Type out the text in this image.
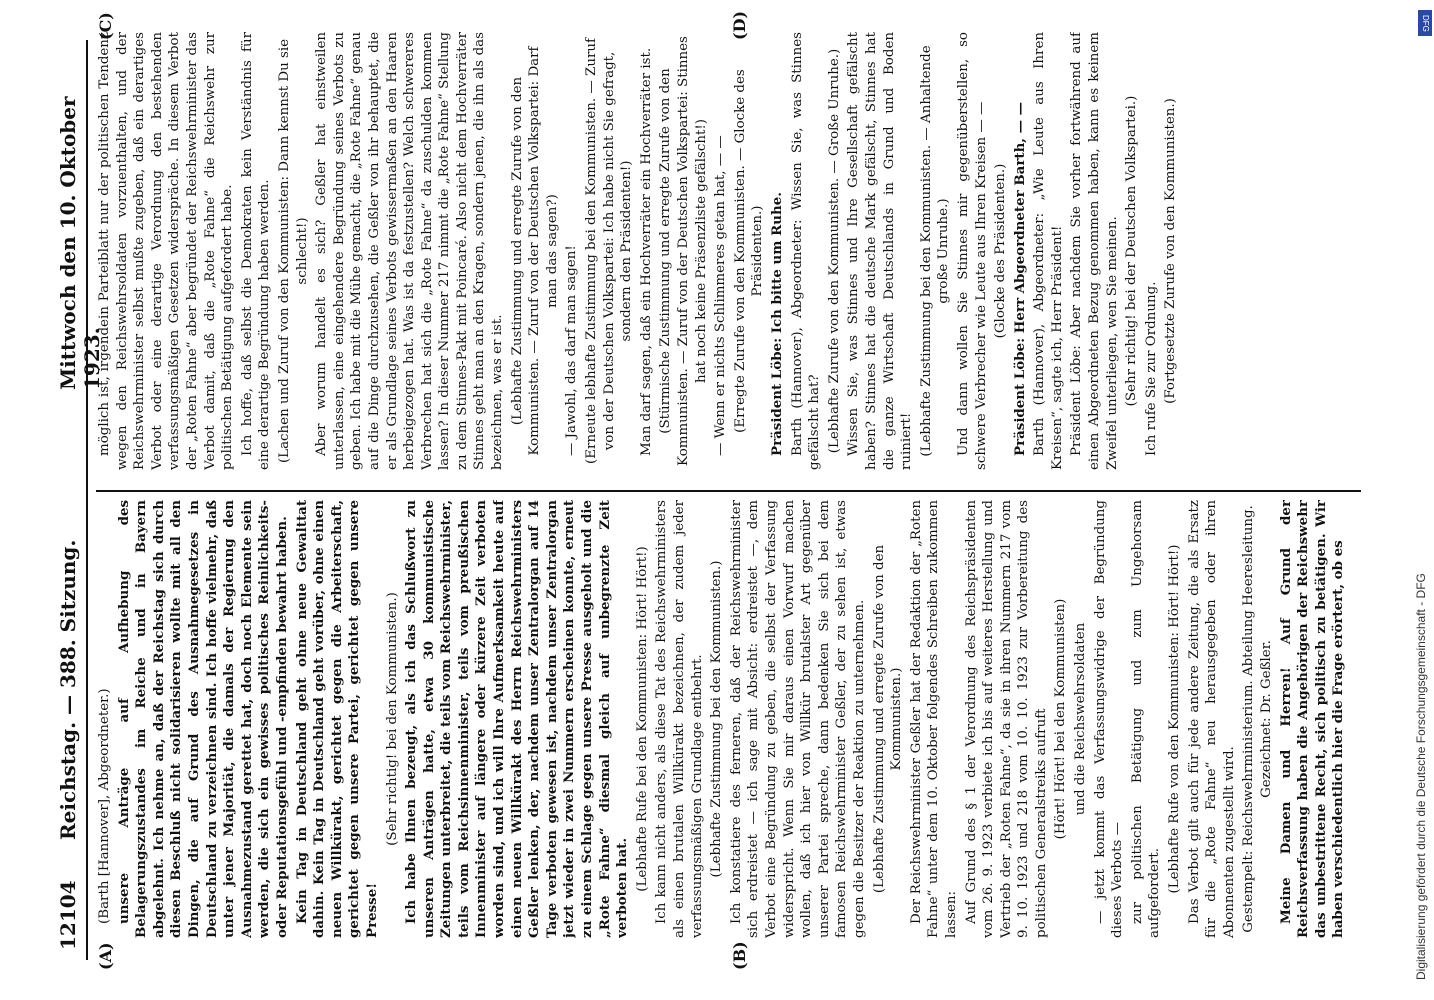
12104
Reichstag. — 388. Sitzung.
Mittwoch den 10. Oktober 1923.
(A)	(B)
(C)	(D)

(Barth [Hannover], Abgeordneter.) unsere Anträge auf Aufhebung des Belagerungszustandes im Reiche und in Bayern abgelehnt. Ich nehme an, daß der Reichstag sich durch diesen Beschluß nicht solidarisieren wollte mit all den Dingen, die auf Grund des Ausnahmegesetzes in Deutschland zu verzeichnen sind. Ich hoffe vielmehr, daß unter jener Majorität, die damals der Regierung den Ausnahmezustand gerettet hat, doch noch Elemente sein werden, die sich ein gewisses politisches Reinlichkeits- oder Reputationsgefühl und -empfinden bewahrt haben. Kein Tag in Deutschland geht ohne neue Gewalttat dahin. Kein Tag in Deutschland geht vorüber, ohne einen neuen Willkürakt, gerichtet gegen die Arbeiterschaft, gerichtet gegen unsere Partei, gerichtet gegen unsere Presse!

(Sehr richtig! bei den Kommunisten.) Ich habe Ihnen bezeugt, als ich das Schlußwort zu unseren Anträgen hatte, etwa 30 kommunistische Zeitungen unterbreitet, die teils vom Reichswehrminister, teils vom Reichsinnenminister, teils vom preußischen Innenminister auf längere oder kürzere Zeit verboten worden sind, und ich will Ihre Aufmerksamkeit heute auf einen neuen Willkürakt des Herrn Reichswehrministers Geßler lenken, der, nachdem unser Zentralorgan auf 14 Tage verboten gewesen ist, nachdem unser Zentralorgan jetzt wieder in zwei Nummern erscheinen konnte, erneut zu einem Schlage gegen unsere Presse ausgeholt und die „Rote Fahne“ diesmal gleich auf unbegrenzte Zeit verboten hat. (Lebhafte Rufe bei den Kommunisten: Hört! Hört!) Ich kann nicht anders, als diese Tat des Reichswehrministers als einen brutalen Willkürakt bezeichnen, der zudem jeder verfassungsmäßigen Grundlage entbehrt. (Lebhafte Zustimmung bei den Kommunisten.) Ich konstatiere des ferneren, daß der Reichswehrminister sich erdreistet — ich sage mit Absicht: erdreistet —, dem Verbot eine Begründung zu geben, die selbst der Verfassung widerspricht. Wenn Sie mir daraus einen Vorwurf machen wollen, daß ich hier von Willkür brutalster Art gegenüber unserer Partei spreche, dann bedenken Sie sich bei dem famosen Reichswehrminister Geßler, der zu sehen ist, etwas gegen die Besitzer der Reaktion zu unternehmen. (Lebhafte Zustimmung und erregte Zurufe von den Kommunisten.) Der Reichswehrminister Geßler hat der Redaktion der „Roten Fahne“ unter dem 10. Oktober folgendes Schreiben zukommen lassen: Auf Grund des § 1 der Verordnung des Reichspräsidenten vom 26. 9. 1923 verbiete ich bis auf weiteres Herstellung und Vertrieb der „Roten Fahne“, da sie in ihren Nummern 217 vom 9. 10. 1923 und 218 vom 10. 10. 1923 zur Vorbereitung des politischen Generalstreiks aufruft (Hört! Hört! bei den Kommunisten) und die Reichswehrsoldaten — jetzt kommt das Verfassungswidrige der Begründung dieses Verbots — zur politischen Betätigung und zum Ungehorsam aufgefordert. (Lebhafte Rufe von den Kommunisten: Hört! Hört!) Das Verbot gilt auch für jede andere Zeitung, die als Ersatz für die „Rote Fahne“ neu herausgegeben oder ihren Abonnenten zugestellt wird. Gestempelt: Reichswehrministerium. Abteilung Heeresleitung. Gezeichnet: Dr. Geßler. Meine Damen und Herren! Auf Grund der Reichsverfassung haben die Angehörigen der Reichswehr das unbestrittene Recht, sich politisch zu betätigen. Wir haben verschiedentlich hier die Frage erörtert, ob es

möglich ist, irgendein Parteiblatt nur der politischen Tendenz wegen den Reichswehrsoldaten vorzuenthalten, und der Reichswehrminister selbst mußte zugeben, daß ein derartiges Verbot oder eine derartige Verordnung den bestehenden verfassungsmäßigen Gesetzen widerspräche. In diesem Verbot der „Roten Fahne“ aber begründet der Reichswehrminister das Verbot damit, daß die „Rote Fahne“ die Reichswehr zur politischen Betätigung aufgefordert habe. Ich hoffe, daß selbst die Demokraten kein Verständnis für eine derartige Begründung haben werden. (Lachen und Zuruf von den Kommunisten: Dann kennst Du sie schlecht!) Aber worum handelt es sich? Geßler hat einstweilen unterlassen, eine eingehendere Begründung seines Verbots zu geben. Ich habe mit die Mühe gemacht, die „Rote Fahne“ genau auf die Dinge durchzusehen, die Geßler von ihr behauptet, die er als Grundlage seines Verbots gewissermaßen an den Haaren herbeigezogen hat. Was ist da festzustellen? Welch schwereres Verbrechen hat sich die „Rote Fahne“ da zuschulden kommen lassen? In dieser Nummer 217 nimmt die „Rote Fahne“ Stellung zu dem Stinnes-Pakt mit Poincaré. Also nicht dem Hochverräter Stinnes geht man an den Kragen, sondern jenen, die ihn als das bezeichnen, was er ist. (Lebhafte Zustimmung und erregte Zurufe von den Kommunisten. — Zuruf von der Deutschen Volkspartei: Darf man das sagen?) — Jawohl, das darf man sagen! (Erneute lebhafte Zustimmung bei den Kommunisten. — Zuruf von der Deutschen Volkspartei: Ich habe nicht Sie gefragt, sondern den Präsidenten!) Man darf sagen, daß ein Hochverräter ein Hochverräter ist. (Stürmische Zustimmung und erregte Zurufe von den Kommunisten. — Zuruf von der Deutschen Volkspartei: Stinnes hat noch keine Präsenzliste gefälscht!) — Wenn er nichts Schlimmeres getan hat, — — (Erregte Zurufe von den Kommunisten. — Glocke des Präsidenten.) Präsident Löbe: Ich bitte um Ruhe. Barth (Hannover), Abgeordneter: Wissen Sie, was Stinnes gefälscht hat? (Lebhafte Zurufe von den Kommunisten. — Große Unruhe.) Wissen Sie, was Stinnes und Ihre Gesellschaft gefälscht haben? Stinnes hat die deutsche Mark gefälscht, Stinnes hat die ganze Wirtschaft Deutschlands in Grund und Boden ruiniert! (Lebhafte Zustimmung bei den Kommunisten. — Anhaltende große Unruhe.) Und dann wollen Sie Stinnes mir gegenüberstellen, so schwere Verbrecher wie Leute aus Ihren Kreisen — — (Glocke des Präsidenten.) Präsident Löbe: Herr Abgeordneter Barth, — — Barth (Hannover), Abgeordneter: „Wie Leute aus Ihren Kreisen“, sagte ich, Herr Präsident! Präsident Löbe: Aber nachdem Sie vorher fortwährend auf einen Abgeordneten Bezug genommen haben, kann es keinem Zweifel unterliegen, wen Sie meinen. (Sehr richtig! bei der Deutschen Volkspartei.) Ich rufe Sie zur Ordnung. (Fortgesetzte Zurufe von den Kommunisten.)

DFG
Digitalisierung gefördert durch die Deutsche Forschungsgemeinschaft - DFG
